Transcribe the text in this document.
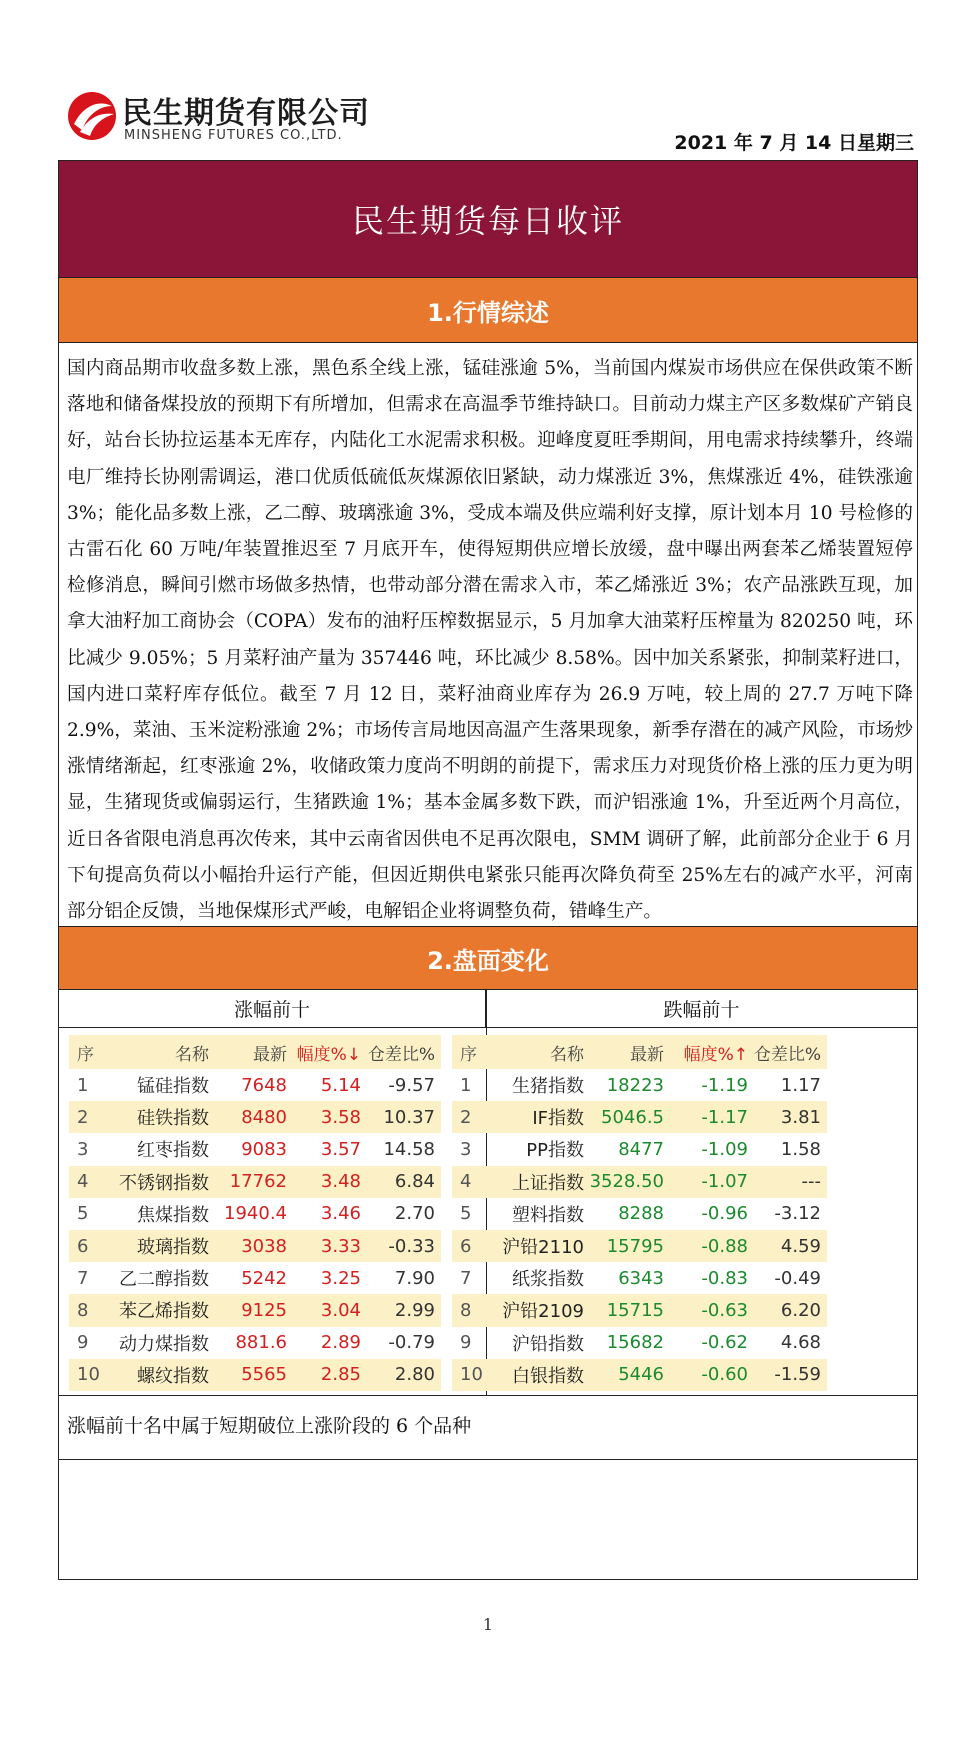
民生期货有限公司
MINSHENG FUTURES CO.,LTD.	2021 年 7 月 14 日星期三
民生期货每日收评
1.行情综述
国内商品期市收盘多数上涨，黑色系全线上涨，锰硅涨逾 5%，当前国内煤炭市场供应在保供政策不断落地和储备煤投放的预期下有所增加，但需求在高温季节维持缺口。目前动力煤主产区多数煤矿产销良好，站台长协拉运基本无库存，内陆化工水泥需求积极。迎峰度夏旺季期间，用电需求持续攀升，终端电厂维持长协刚需调运，港口优质低硫低灰煤源依旧紧缺，动力煤涨近 3%，焦煤涨近 4%，硅铁涨逾 3%；能化品多数上涨，乙二醇、玻璃涨逾 3%，受成本端及供应端利好支撑，原计划本月 10 号检修的古雷石化 60 万吨/年装置推迟至 7 月底开车，使得短期供应增长放缓，盘中曝出两套苯乙烯装置短停检修消息，瞬间引燃市场做多热情，也带动部分潜在需求入市，苯乙烯涨近 3%；农产品涨跌互现，加拿大油籽加工商协会（COPA）发布的油籽压榨数据显示，5 月加拿大油菜籽压榨量为 820250 吨，环比减少 9.05%；5 月菜籽油产量为 357446 吨，环比减少 8.58%。因中加关系紧张，抑制菜籽进口，国内进口菜籽库存低位。截至 7 月 12 日，菜籽油商业库存为 26.9 万吨，较上周的 27.7 万吨下降 2.9%，菜油、玉米淀粉涨逾 2%；市场传言局地因高温产生落果现象，新季存潜在的减产风险，市场炒涨情绪渐起，红枣涨逾 2%，收储政策力度尚不明朗的前提下，需求压力对现货价格上涨的压力更为明显，生猪现货或偏弱运行，生猪跌逾 1%；基本金属多数下跌，而沪铝涨逾 1%，升至近两个月高位，近日各省限电消息再次传来，其中云南省因供电不足再次限电，SMM 调研了解，此前部分企业于 6 月下旬提高负荷以小幅抬升运行产能，但因近期供电紧张只能再次降负荷至 25%左右的减产水平，河南部分铝企反馈，当地保煤形式严峻，电解铝企业将调整负荷，错峰生产。
2.盘面变化
涨幅前十	跌幅前十
序	名称	最新 幅度%↓ 仓差比%
1	锰硅指数	7648	5.14	-9.57
2	硅铁指数	8480	3.58	10.37
3	红枣指数	9083	3.57	14.58
4	不锈钢指数	17762	3.48	6.84
5	焦煤指数 1940.4	3.46	2.70
6	玻璃指数	3038	3.33	-0.33
7	乙二醇指数	5242	3.25	7.90
8	苯乙烯指数	9125	3.04	2.99
9	动力煤指数	881.6	2.89	-0.79
10	螺纹指数	5565	2.85	2.80
序	名称	最新	幅度%↑ 仓差比%
1	生猪指数	18223	-1.19	1.17
2	IF指数 5046.5	-1.17	3.81
3	PP指数	8477	-1.09	1.58
4	上证指数 3528.50	-1.07	---
5	塑料指数	8288	-0.96	-3.12
6	沪铅2110	15795	-0.88	4.59
7	纸浆指数	6343	-0.83	-0.49
8	沪铅2109	15715	-0.63	6.20
9	沪铅指数	15682	-0.62	4.68
10	白银指数	5446	-0.60	-1.59
涨幅前十名中属于短期破位上涨阶段的 6 个品种
1
